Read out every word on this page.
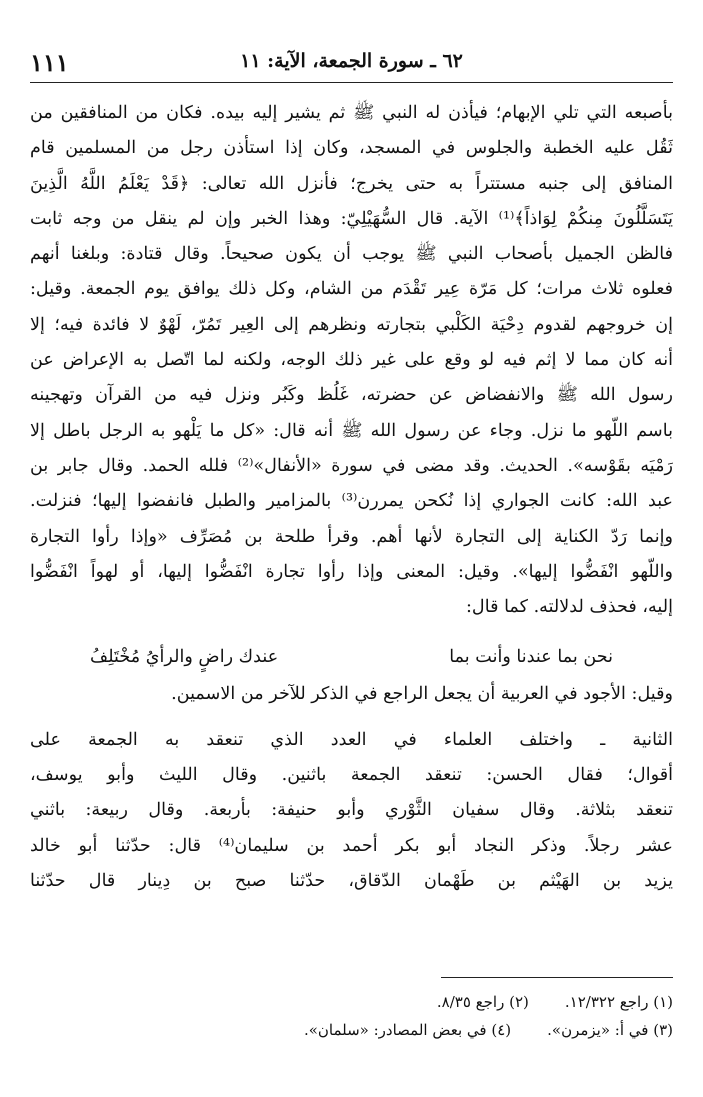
١١١	٦٢ ـ سورة الجمعة، الآية: ١١
بأصبعه التي تلي الإبهام؛ فيأذن له النبي ﷺ ثم يشير إليه بيده. فكان من المنافقين من
ثَقُل عليه الخطبة والجلوس في المسجد، وكان إذا استأذن رجل من المسلمين قام
المنافق إلى جنبه مستتراً به حتى يخرج؛ فأنزل الله تعالى: ﴿قَدْ يَعْلَمُ اللَّهُ الَّذِينَ
يَتَسَلَّلُونَ مِنكُمْ لِوَاذاً﴾⁽¹⁾ الآية. قال السُّهَيْلِيّ: وهذا الخبر وإن لم ينقل من وجه ثابت
فالظن الجميل بأصحاب النبي ﷺ يوجب أن يكون صحيحاً. وقال قتادة: وبلغنا أنهم
فعلوه ثلاث مرات؛ كل مَرّة عِير تَقْدَم من الشام، وكل ذلك يوافق يوم الجمعة. وقيل:
إن خروجهم لقدوم دِحْيَة الكَلْبي بتجارته ونظرهم إلى العِير تَمُرّ، لَهْوٌ لا فائدة فيه؛ إلا
أنه كان مما لا إثم فيه لو وقع على غير ذلك الوجه، ولكنه لما اتّصل به الإعراض عن
رسول الله ﷺ والانفضاض عن حضرته، غَلُظ وكَبُر ونزل فيه من القرآن وتهجينه
باسم اللّهو ما نزل. وجاء عن رسول الله ﷺ أنه قال: «كل ما يَلْهو به الرجل باطل إلا
رَمْيَه بقَوْسه». الحديث. وقد مضى في سورة «الأنفال»⁽²⁾ فلله الحمد. وقال جابر بن
عبد الله: كانت الجواري إذا نُكحن يمررن⁽³⁾ بالمزامير والطبل فانفضوا إليها؛ فنزلت.
وإنما رَدّ الكناية إلى التجارة لأنها أهم. وقرأ طلحة بن مُصَرِّف «وإذا رأوا التجارة
واللّهو انْفَضُّوا إليها». وقيل: المعنى وإذا رأوا تجارة انْفَضُّوا إليها، أو لهواً انْفَضُّوا
إليه، فحذف لدلالته. كما قال:
نحن بما عندنا وأنت بما
عندك راضٍ والرأيُ مُخْتَلِفُ
وقيل: الأجود في العربية أن يجعل الراجع في الذكر للآخر من الاسمين.
الثانية ـ واختلف العلماء في العدد الذي تنعقد به الجمعة على
أقوال؛ فقال الحسن: تنعقد الجمعة باثنين. وقال الليث وأبو يوسف،
تنعقد بثلاثة. وقال سفيان الثَّوْري وأبو حنيفة: بأربعة. وقال ربيعة: باثني
عشر رجلاً. وذكر النجاد أبو بكر أحمد بن سليمان⁽⁴⁾ قال: حدّثنا أبو خالد
يزيد بن الهَيْثم بن طَهْمان الدّقاق، حدّثنا صبح بن دِينار قال حدّثنا
(١) راجع ١٢/٣٢٢.
(٢) راجع ٨/٣٥.
(٣) في أ: «يزمرن».
(٤) في بعض المصادر: «سلمان».
